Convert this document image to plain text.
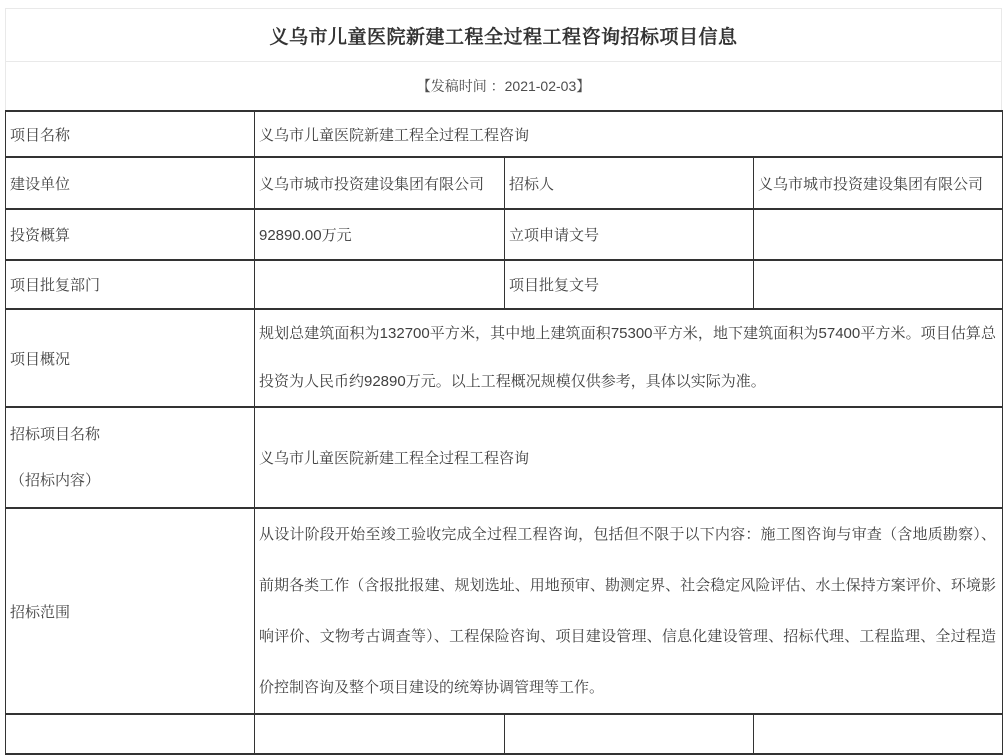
义乌市儿童医院新建工程全过程工程咨询招标项目信息
【发稿时间 ：2021-02-03】
项目名称	义乌市儿童医院新建工程全过程工程咨询		
建设单位	义乌市城市投资建设集团有限公司	招标人	义乌市城市投资建设集团有限公司
投资概算	92890.00万元	立项申请文号	
项目批复部门		项目批复文号	
项目概况	规划总建筑面积为132700平方米，其中地上建筑面积75300平方米，地下建筑面积为57400平方米。项目估算总投资为人民币约92890万元。以上工程概况规模仅供参考，具体以实际为准。		

招标项目名称
（招标内容）	义乌市儿童医院新建工程全过程工程咨询		
招标范围	从设计阶段开始至竣工验收完成全过程工程咨询，包括但不限于以下内容：施工图咨询与审查（含地质勘察）、前期各类工作（含报批报建、规划选址、用地预审、勘测定界、社会稳定风险评估、水土保持方案评价、环境影响评价、文物考古调查等）、工程保险咨询、项目建设管理、信息化建设管理、招标代理、工程监理、全过程造价控制咨询及整个项目建设的统筹协调管理等工作。		
